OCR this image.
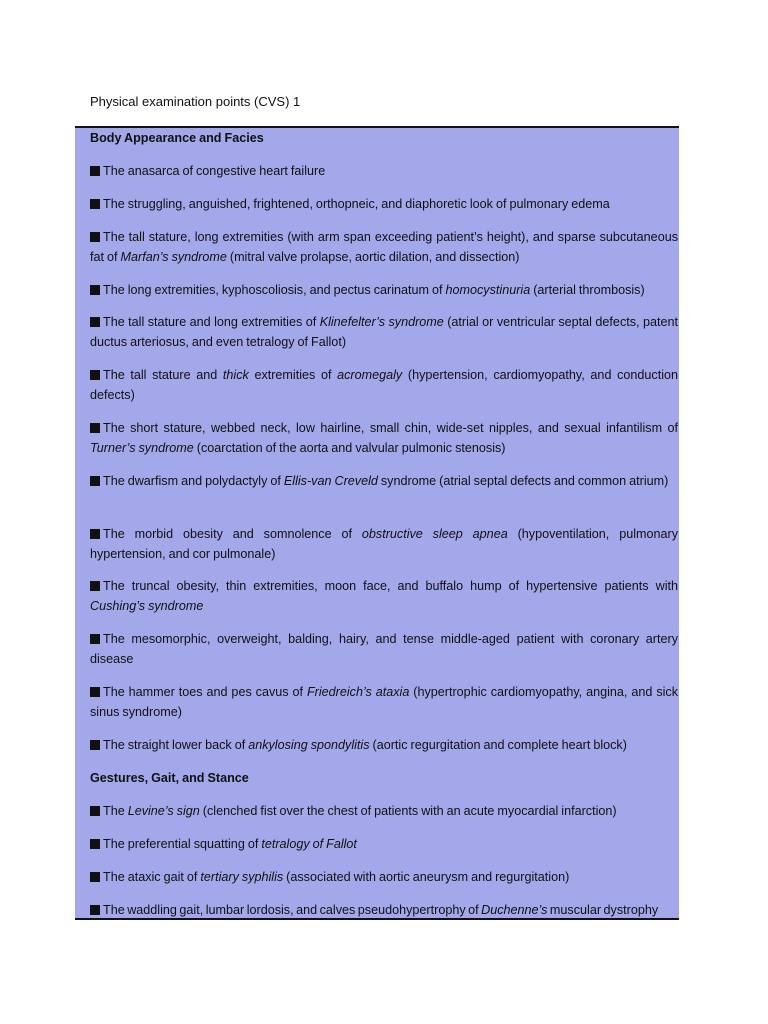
Physical examination points (CVS) 1
Body Appearance and Facies
The anasarca of congestive heart failure
The struggling, anguished, frightened, orthopneic, and diaphoretic look of pulmonary edema
The tall stature, long extremities (with arm span exceeding patient’s height), and sparse subcutaneous fat of Marfan’s syndrome (mitral valve prolapse, aortic dilation, and dissection)
The long extremities, kyphoscoliosis, and pectus carinatum of homocystinuria (arterial thrombosis)
The tall stature and long extremities of Klinefelter’s syndrome (atrial or ventricular septal defects, patent ductus arteriosus, and even tetralogy of Fallot)
The tall stature and thick extremities of acromegaly (hypertension, cardiomyopathy, and conduction defects)
The short stature, webbed neck, low hairline, small chin, wide-set nipples, and sexual infantilism of Turner’s syndrome (coarctation of the aorta and valvular pulmonic stenosis)
The dwarfism and polydactyly of Ellis-van Creveld syndrome (atrial septal defects and common atrium)
The morbid obesity and somnolence of obstructive sleep apnea (hypoventilation, pulmonary hypertension, and cor pulmonale)
The truncal obesity, thin extremities, moon face, and buffalo hump of hypertensive patients with Cushing’s syndrome
The mesomorphic, overweight, balding, hairy, and tense middle-aged patient with coronary artery disease
The hammer toes and pes cavus of Friedreich’s ataxia (hypertrophic cardiomyopathy, angina, and sick sinus syndrome)
The straight lower back of ankylosing spondylitis (aortic regurgitation and complete heart block)
Gestures, Gait, and Stance
The Levine’s sign (clenched fist over the chest of patients with an acute myocardial infarction)
The preferential squatting of tetralogy of Fallot
The ataxic gait of tertiary syphilis (associated with aortic aneurysm and regurgitation)
The waddling gait, lumbar lordosis, and calves pseudohypertrophy of Duchenne’s muscular dystrophy
